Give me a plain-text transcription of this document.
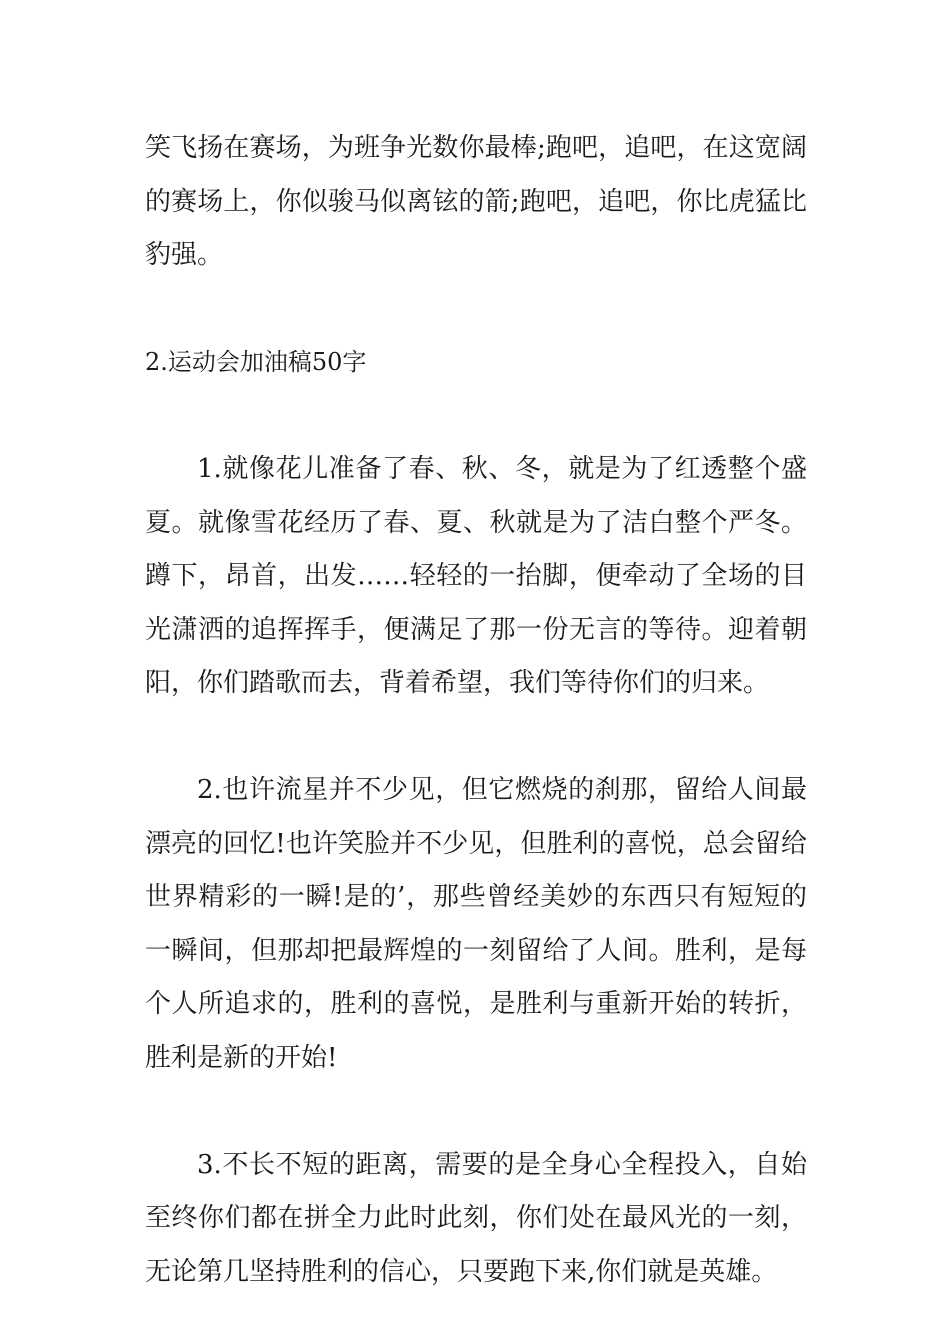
笑飞扬在赛场，为班争光数你最棒;跑吧，追吧，在这宽阔的赛场上，你似骏马似离铉的箭;跑吧，追吧，你比虎猛比豹强。

2.运动会加油稿50字

1.就像花儿准备了春、秋、冬，就是为了红透整个盛夏。就像雪花经历了春、夏、秋就是为了洁白整个严冬。蹲下，昂首，出发……轻轻的一抬脚，便牵动了全场的目光潇洒的追挥挥手，便满足了那一份无言的等待。迎着朝阳，你们踏歌而去，背着希望，我们等待你们的归来。

2.也许流星并不少见，但它燃烧的刹那，留给人间最漂亮的回忆!也许笑脸并不少见，但胜利的喜悦，总会留给世界精彩的一瞬!是的’，那些曾经美妙的东西只有短短的一瞬间，但那却把最辉煌的一刻留给了人间。胜利，是每个人所追求的，胜利的喜悦，是胜利与重新开始的转折，胜利是新的开始!

3.不长不短的距离，需要的是全身心全程投入，自始至终你们都在拼全力此时此刻，你们处在最风光的一刻，无论第几坚持胜利的信心，只要跑下来,你们就是英雄。
